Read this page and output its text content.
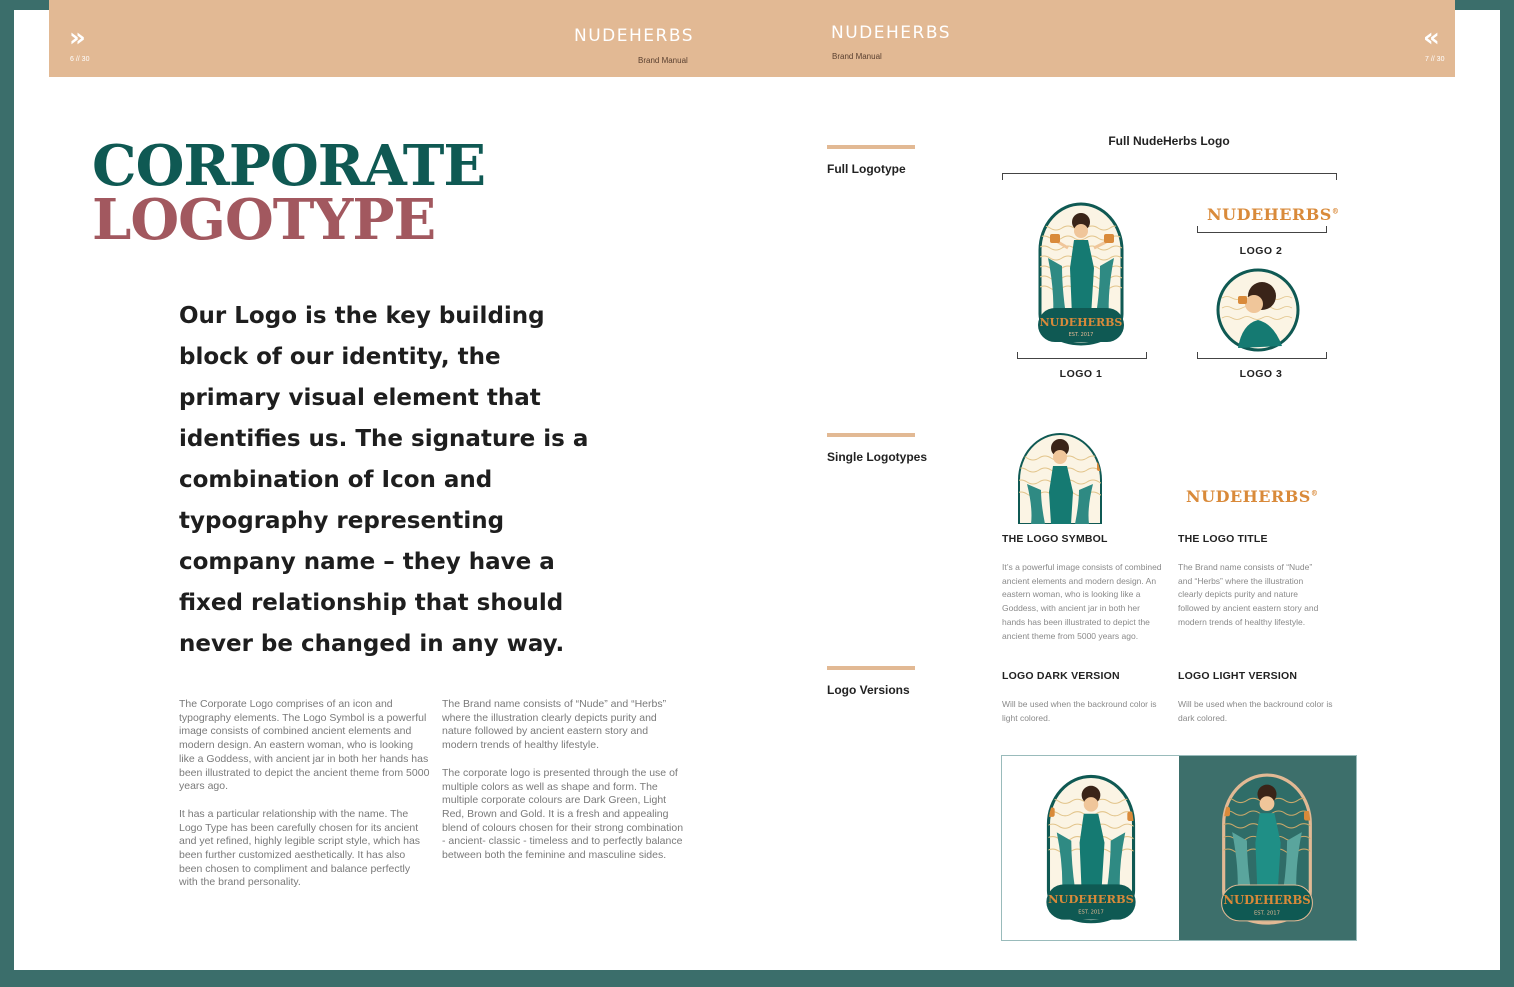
»
6 // 30
NUDEHERBS
Brand Manual
NUDEHERBS
Brand Manual
«
7 // 30
CORPORATE
LOGOTYPE
Our Logo is the key building block of our identity, the primary visual element that identifies us. The signature is a combination of Icon and typography representing company name – they have a fixed relationship that should never be changed in any way.

The Corporate Logo comprises of an icon and typography elements. The Logo Symbol is a powerful image consists of combined ancient elements and modern design. An eastern woman, who is looking like a Goddess, with ancient jar in both her hands has been illustrated to depict the ancient theme from 5000 years ago.

It has a particular relationship with the name. The Logo Type has been carefully chosen for its ancient and yet refined, highly legible script style, which has been further customized aesthetically. It has also been chosen to compliment and balance perfectly with the brand personality.

The Brand name consists of “Nude” and “Herbs” where the illustration clearly depicts purity and nature followed by ancient eastern story and modern trends of healthy lifestyle.

The corporate logo is presented through the use of multiple colors as well as shape and form. The multiple corporate colours are Dark Green, Light Red, Brown and Gold. It is a fresh and appealing blend of colours chosen for their strong combination - ancient- classic - timeless and to perfectly balance between both the feminine and masculine sides.

Full Logotype
Full NudeHerbs Logo
NUDEHERBS
EST. 2017
LOGO 1
NUDEHERBS®
LOGO 2
LOGO 3
Single Logotypes
NUDEHERBS®
THE LOGO SYMBOL
It’s a powerful image consists of combined ancient elements and modern design. An eastern woman, who is looking like a Goddess, with ancient jar in both her hands has been illustrated to depict the ancient theme from 5000 years ago.
THE LOGO TITLE
The Brand name consists of “Nude” and “Herbs” where the illustration clearly depicts purity and nature followed by ancient eastern story and modern trends of healthy lifestyle.
Logo Versions
LOGO DARK VERSION
Will be used when the backround color is light colored.
LOGO LIGHT VERSION
Will be used when the backround color is dark colored.
NUDEHERBS
EST. 2017
NUDEHERBS
EST. 2017
